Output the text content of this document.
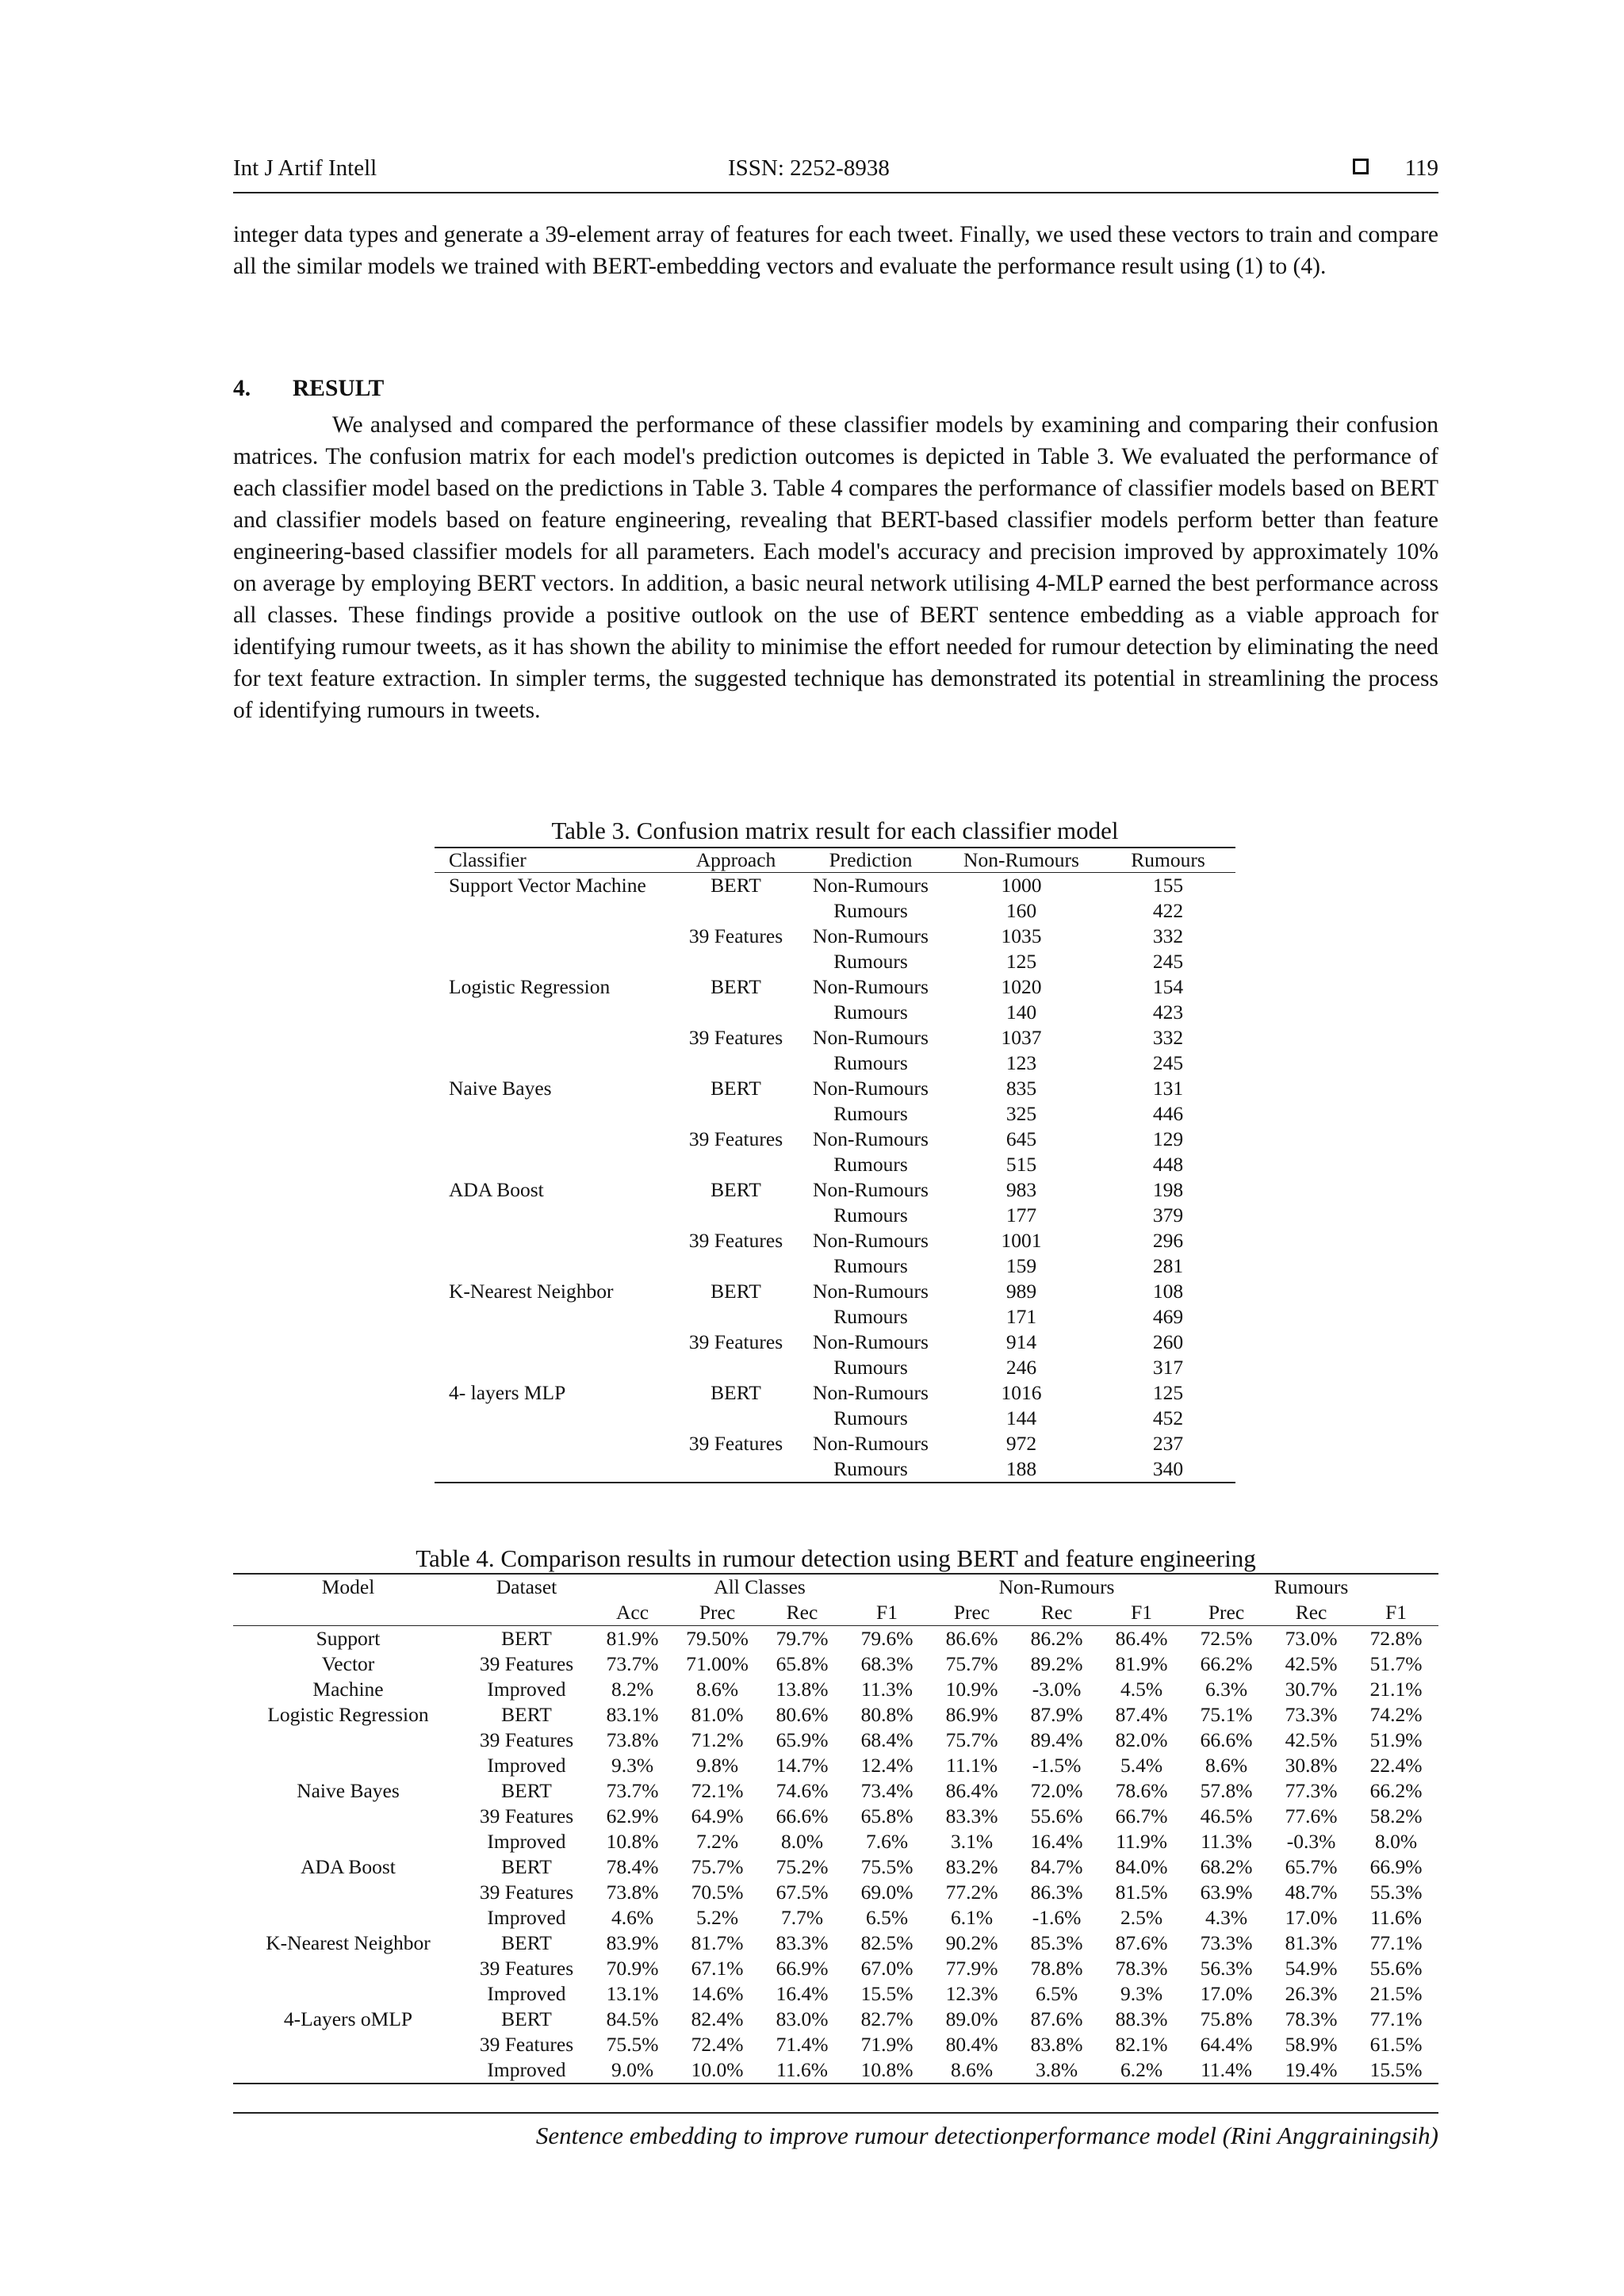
Int J Artif Intell	ISSN: 2252-8938	119

integer data types and generate a 39-element array of features for each tweet. Finally, we used these vectors to train and compare all the similar models we trained with BERT-embedding vectors and evaluate the performance result using (1) to (4).

4. RESULT

We analysed and compared the performance of these classifier models by examining and comparing their confusion matrices. The confusion matrix for each model's prediction outcomes is depicted in Table 3. We evaluated the performance of each classifier model based on the predictions in Table 3. Table 4 compares the performance of classifier models based on BERT and classifier models based on feature engineering, revealing that BERT-based classifier models perform better than feature engineering-based classifier models for all parameters. Each model's accuracy and precision improved by approximately 10% on average by employing BERT vectors. In addition, a basic neural network utilising 4-MLP earned the best performance across all classes. These findings provide a positive outlook on the use of BERT sentence embedding as a viable approach for identifying rumour tweets, as it has shown the ability to minimise the effort needed for rumour detection by eliminating the need for text feature extraction. In simpler terms, the suggested technique has demonstrated its potential in streamlining the process of identifying rumours in tweets.

Table 3. Confusion matrix result for each classifier model
Classifier	Approach	Prediction	Non-Rumours	Rumours
Support Vector Machine	BERT	Non-Rumours	1000	155
		Rumours	160	422
	39 Features	Non-Rumours	1035	332
		Rumours	125	245
Logistic Regression	BERT	Non-Rumours	1020	154
		Rumours	140	423
	39 Features	Non-Rumours	1037	332
		Rumours	123	245
Naive Bayes	BERT	Non-Rumours	835	131
		Rumours	325	446
	39 Features	Non-Rumours	645	129
		Rumours	515	448
ADA Boost	BERT	Non-Rumours	983	198
		Rumours	177	379
	39 Features	Non-Rumours	1001	296
		Rumours	159	281
K-Nearest Neighbor	BERT	Non-Rumours	989	108
		Rumours	171	469
	39 Features	Non-Rumours	914	260
		Rumours	246	317
4- layers MLP	BERT	Non-Rumours	1016	125
		Rumours	144	452
	39 Features	Non-Rumours	972	237
		Rumours	188	340
Table 4. Comparison results in rumour detection using BERT and feature engineering
Model	Dataset	All Classes				Non-Rumours			Rumours		
		Acc	Prec	Rec	F1	Prec	Rec	F1	Prec	Rec	F1
Support Vector Machine	BERT	81.9%	79.50%	79.7%	79.6%	86.6%	86.2%	86.4%	72.5%	73.0%	72.8%
	39 Features	73.7%	71.00%	65.8%	68.3%	75.7%	89.2%	81.9%	66.2%	42.5%	51.7%
	Improved	8.2%	8.6%	13.8%	11.3%	10.9%	-3.0%	4.5%	6.3%	30.7%	21.1%
Logistic Regression	BERT	83.1%	81.0%	80.6%	80.8%	86.9%	87.9%	87.4%	75.1%	73.3%	74.2%
	39 Features	73.8%	71.2%	65.9%	68.4%	75.7%	89.4%	82.0%	66.6%	42.5%	51.9%
	Improved	9.3%	9.8%	14.7%	12.4%	11.1%	-1.5%	5.4%	8.6%	30.8%	22.4%
Naive Bayes	BERT	73.7%	72.1%	74.6%	73.4%	86.4%	72.0%	78.6%	57.8%	77.3%	66.2%
	39 Features	62.9%	64.9%	66.6%	65.8%	83.3%	55.6%	66.7%	46.5%	77.6%	58.2%
	Improved	10.8%	7.2%	8.0%	7.6%	3.1%	16.4%	11.9%	11.3%	-0.3%	8.0%
ADA Boost	BERT	78.4%	75.7%	75.2%	75.5%	83.2%	84.7%	84.0%	68.2%	65.7%	66.9%
	39 Features	73.8%	70.5%	67.5%	69.0%	77.2%	86.3%	81.5%	63.9%	48.7%	55.3%
	Improved	4.6%	5.2%	7.7%	6.5%	6.1%	-1.6%	2.5%	4.3%	17.0%	11.6%
K-Nearest Neighbor	BERT	83.9%	81.7%	83.3%	82.5%	90.2%	85.3%	87.6%	73.3%	81.3%	77.1%
	39 Features	70.9%	67.1%	66.9%	67.0%	77.9%	78.8%	78.3%	56.3%	54.9%	55.6%
	Improved	13.1%	14.6%	16.4%	15.5%	12.3%	6.5%	9.3%	17.0%	26.3%	21.5%
4-Layers oMLP	BERT	84.5%	82.4%	83.0%	82.7%	89.0%	87.6%	88.3%	75.8%	78.3%	77.1%
	39 Features	75.5%	72.4%	71.4%	71.9%	80.4%	83.8%	82.1%	64.4%	58.9%	61.5%
	Improved	9.0%	10.0%	11.6%	10.8%	8.6%	3.8%	6.2%	11.4%	19.4%	15.5%
Sentence embedding to improve rumour detectionperformance model (Rini Anggrainingsih)
